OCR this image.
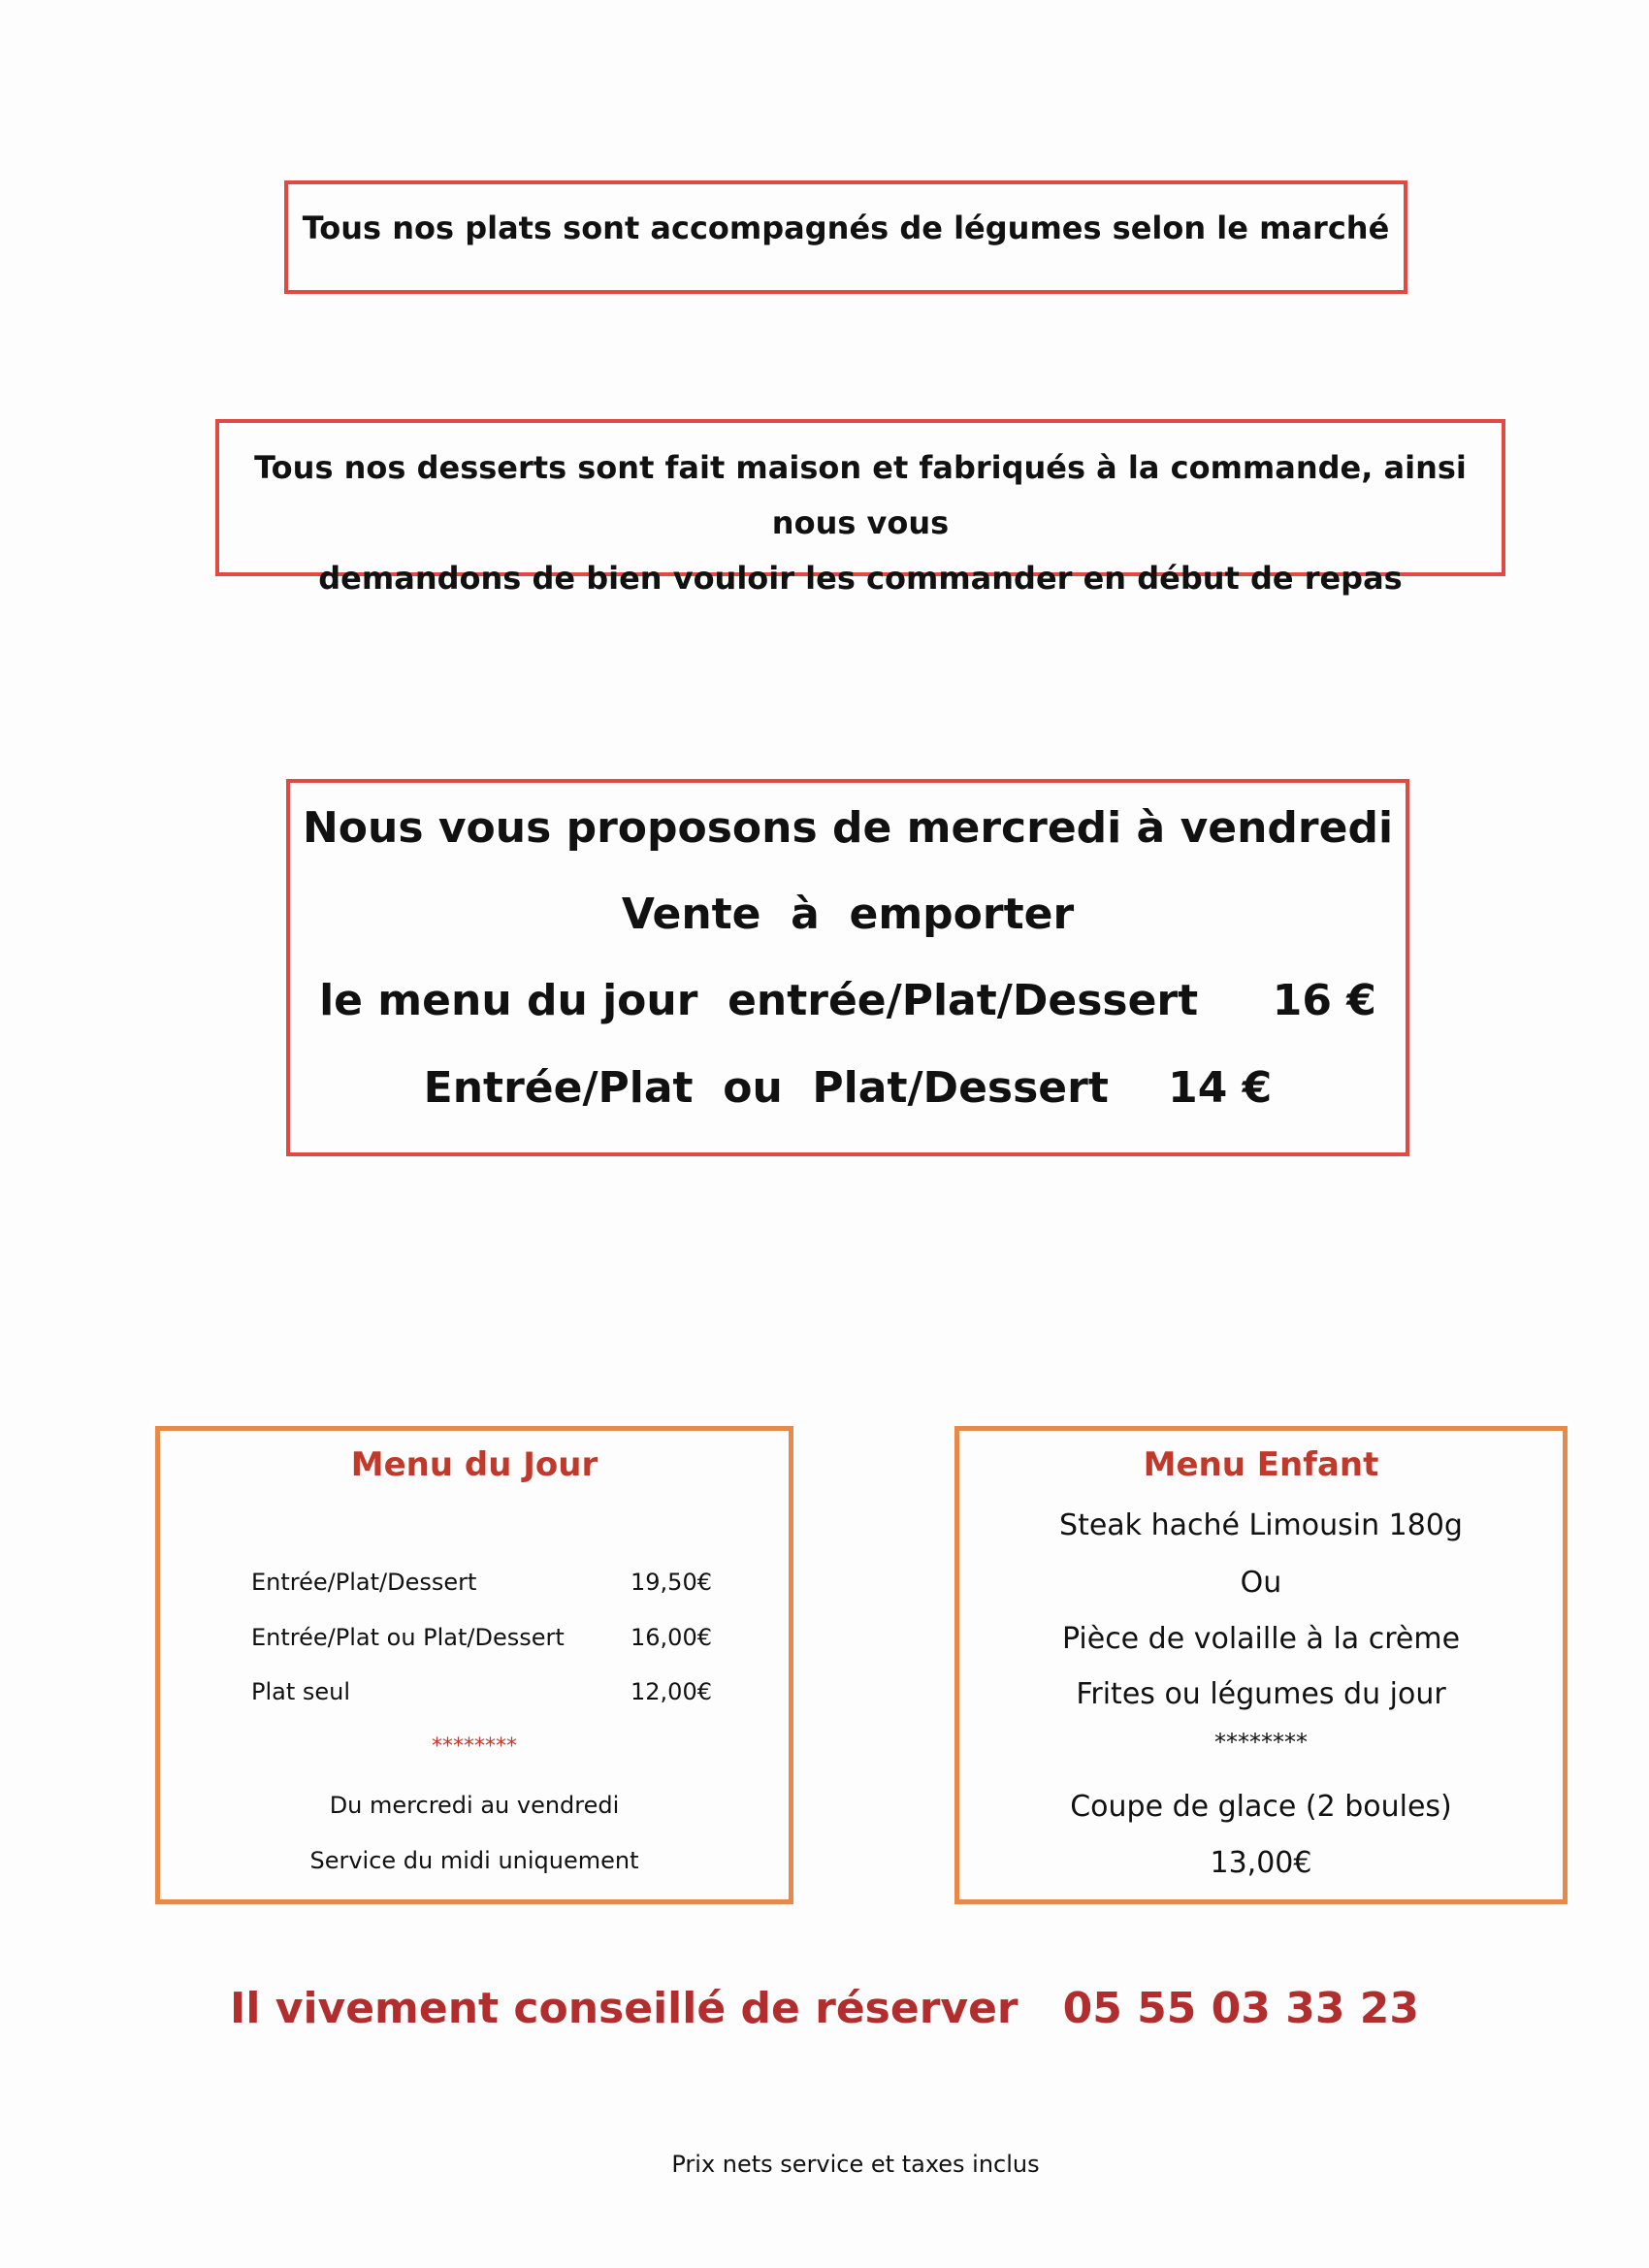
Tous nos plats sont accompagnés de légumes selon le marché

Tous nos desserts sont fait maison et fabriqués à la commande, ainsi nous vous
demandons de bien vouloir les commander en début de repas

Nous vous proposons de mercredi à vendredi
Vente  à  emporter
le menu du jour  entrée/Plat/Dessert     16 €
Entrée/Plat  ou  Plat/Dessert    14 €
Menu du Jour
Entrée/Plat/Dessert	19,50€
Entrée/Plat ou Plat/Dessert	16,00€
Plat seul	12,00€
********
Du mercredi au vendredi
Service du midi uniquement
Menu Enfant
Steak haché Limousin 180g
Ou
Pièce de volaille à la crème
Frites ou légumes du jour
********
Coupe de glace (2 boules)
13,00€
Il vivement conseillé de réserver   05 55 03 33 23
Prix nets service et taxes inclus
